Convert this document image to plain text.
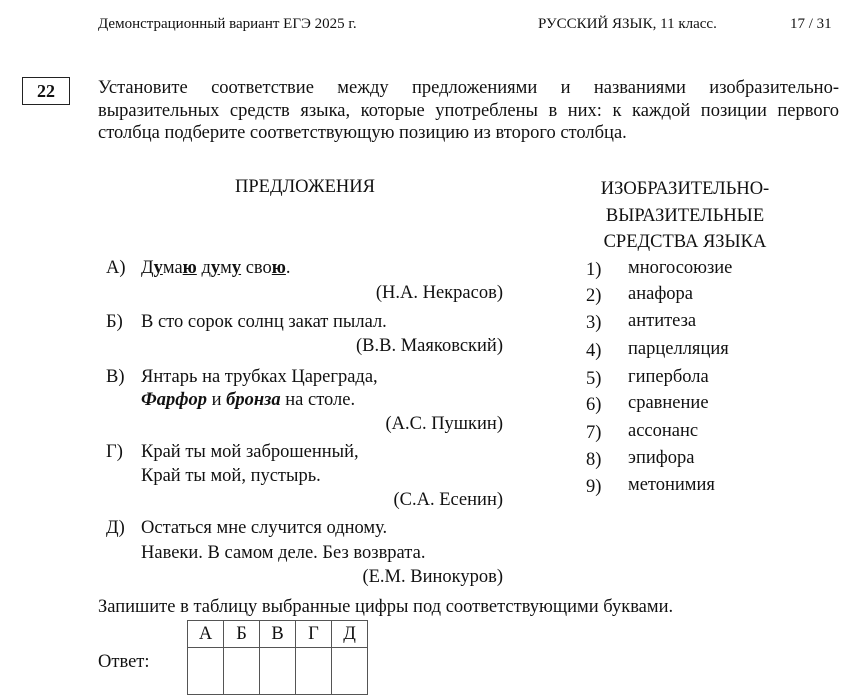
Демонстрационный вариант ЕГЭ 2025 г.	РУССКИЙ ЯЗЫК, 11 класс.	17 / 31
22	Установите соответствие между предложениями и названиями изобразительно-выразительных средств языка, которые употреблены в них: к каждой позиции первого столбца подберите соответствующую позицию из второго столбца.
ПРЕДЛОЖЕНИЯ	ИЗОБРАЗИТЕЛЬНО-ВЫРАЗИТЕЛЬНЫЕ СРЕДСТВА ЯЗЫКА
А) Думаю думу свою.
(Н.А. Некрасов)
Б) В сто сорок солнц закат пылал.
(В.В. Маяковский)
В) Янтарь на трубках Цареграда,
Фарфор и бронза на столе.
(А.С. Пушкин)
Г) Край ты мой заброшенный,
Край ты мой, пустырь.
(С.А. Есенин)
Д) Остаться мне случится одному.
Навеки. В самом деле. Без возврата.
(Е.М. Винокуров)
1) многосоюзие
2) анафора
3) антитеза
4) парцелляция
5) гипербола
6) сравнение
7) ассонанс
8) эпифора
9) метонимия
Запишите в таблицу выбранные цифры под соответствующими буквами.
Ответ:
А	Б	В	Г	Д
